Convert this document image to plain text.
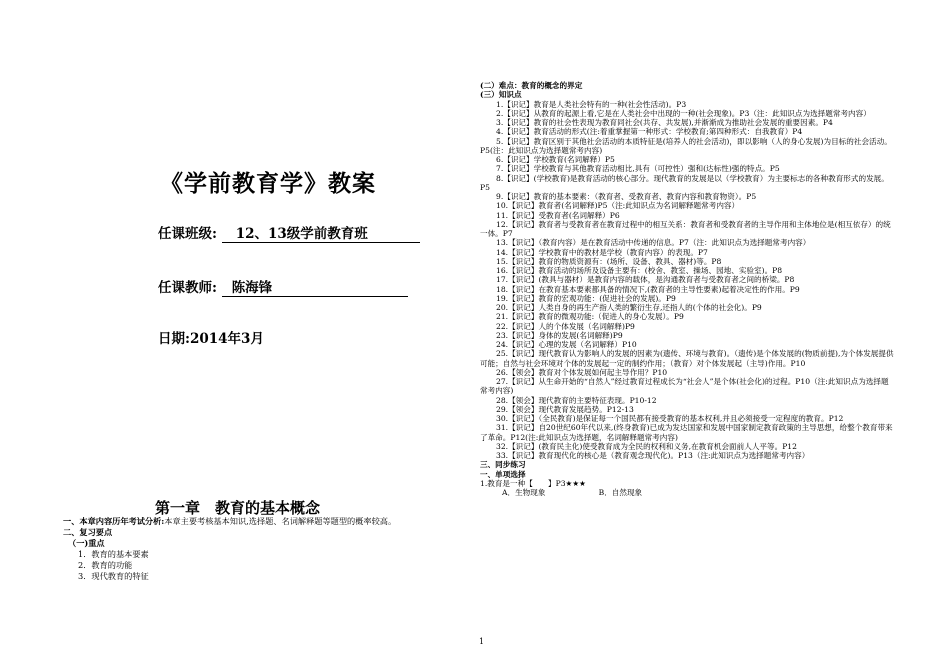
《学前教育学》教案
任课班级: 12、13级学前教育班
任课教师: 陈海锋
日期:2014年3月
第一章　教育的基本概念
一、本章内容历年考试分析:本章主要考核基本知识,选择题、名词解释题等题型的概率较高。
二、复习要点
（一)重点
1．教育的基本要素
2．教育的功能
3．现代教育的特征
(二）难点：教育的概念的界定
(三）知识点
1.【识记】教育是人类社会特有的一种(社会性活动)。P3
2.【识记】从教育的起源上看,它是在人类社会中出现的一种(社会现象)。P3（注：此知识点为选择题常考内容）
3.【识记】教育的社会性表现为教育同社会(共存、共发展),并渐渐成为推助社会发展的重要因素。P4
4.【识记】教育活动的形式(注:着重掌握第一种形式：学校教育;第四种形式：自我教育）P4
5.【识记】教育区别于其他社会活动的本质特征是(培养人的社会活动)，即以影响（人的身心发展)为目标的社会活动。P5(注：此知识点为选择题常考内容)
6.【识记】学校教育(名词解释）P5
7.【识记】学校教育与其他教育活动相比,具有（可控性）强和(达标性)强的特点。P5
8.【识记】(学校教育)是教育活动的核心部分。现代教育的发展是以（学校教育）为主要标志的各种教育形式的发展。P5
9.【识记】教育的基本要素：（教育者、受教育者、教育内容和教育物资）。P5
10.【识记】教育者(名词解释)P5（注:此知识点为名词解释题常考内容）
11.【识记】受教育者(名词解释）P6
12.【识记】教育者与受教育者在教育过程中的相互关系：教育者和受教育者的主导作用和主体地位是(相互依存）的统一体。P7
13.【识记】（教育内容）是在教育活动中传递的信息。P7（注：此知识点为选择题常考内容）
14.【识记】学校教育中的教材是学校（教育内容）的表现。P7
15.【识记】教育的物质资源有：(场所、设备、教具、器材)等。P8
16.【识记】教育活动的场所及设备主要有：(校舍、教室、操场、园地、实验室)。P8
17.【识记】(教具与器材）是教育内容的载体，是沟通教育者与受教育者之间的桥梁。P8
18.【识记】在教育基本要素都具备的情况下,(教育者的主导性要素)起着决定性的作用。P9
19.【识记】教育的宏观功能：(促进社会的发展)。P9
20.【识记】人类自身的再生产指人类的繁衍生存,还指人的(个体的社会化)。P9
21.【识记】教育的微观功能:（促进人的身心发展）。P9
22.【识记】人的个体发展（名词解释)P9
23.【识记】身体的发展(名词解释)P9
24.【识记】心理的发展（名词解释）P10
25.【识记】现代教育认为影响人的发展的因素为(遗传、环境与教育)。（遗传)是个体发展的(物质前提),为个体发展提供可能；自然与社会环境对个体的发展起一定的制约作用；（教育）对个体发展起（主导)作用。P10
26.【领会】教育对个体发展如何起主导作用？P10
27.【识记】从生命开始的“自然人”经过教育过程成长为“社会人”是个体(社会化)的过程。P10（注:此知识点为选择题常考内容)
28.【领会】现代教育的主要特征表现。P10-12
29.【领会】现代教育发展趋势。P12-13
30.【识记】（全民教育)是保证每一个国民都有接受教育的基本权利,并且必须接受一定程度的教育。P12
31.【识记】自20世纪60年代以来,(终身教育)已成为发达国家和发展中国家制定教育政策的主导思想，给整个教育带来了革命。P12(注:此知识点为选择题，名词解释题常考内容)
32.【识记】(教育民主化)使受教育成为全民的权利和义务,在教育机会面前人人平等。P12
33.【识记】教育现代化的核心是（教育观念现代化)。P13（注:此知识点为选择题常考内容）
三、同步练习
一、单项选择
1.教育是一种【　　】P3★★★
A．生物现象　　　　　　　B．自然现象
1
